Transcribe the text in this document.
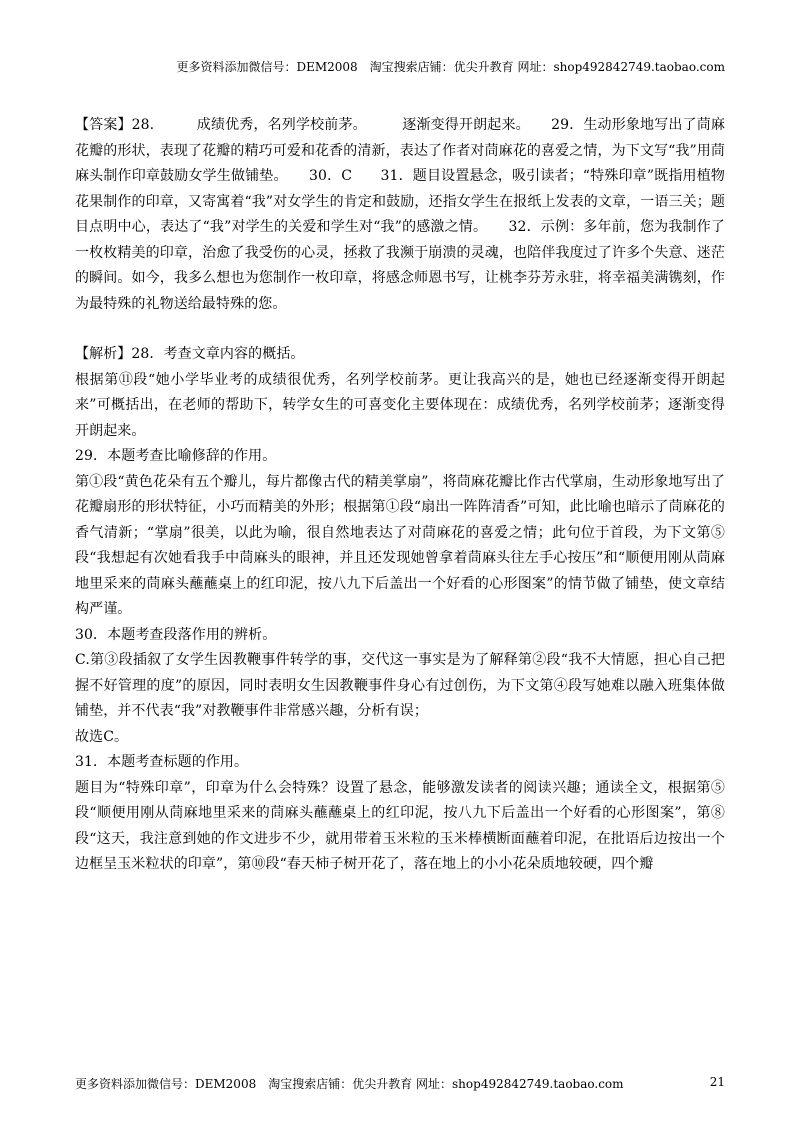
更多资料添加微信号：DEM2008　淘宝搜索店铺：优尖升教育 网址：shop492842749.taobao.com

【答案】28.　　　成绩优秀，名列学校前茅。　　　逐渐变得开朗起来。　　29．生动形象地写出了茼麻花瓣的形状，表现了花瓣的精巧可爱和花香的清新，表达了作者对茼麻花的喜爱之情，为下文写“我”用茼麻头制作印章鼓励女学生做铺垫。　　30．C　　31．题目设置悬念，吸引读者；“特殊印章”既指用植物花果制作的印章，又寄寓着“我”对女学生的肯定和鼓励，还指女学生在报纸上发表的文章，一语三关；题目点明中心，表达了“我”对学生的关爱和学生对“我”的感激之情。　　32．示例：多年前，您为我制作了一枚枚精美的印章，治愈了我受伤的心灵，拯救了我濒于崩溃的灵魂，也陪伴我度过了许多个失意、迷茫的瞬间。如今，我多么想也为您制作一枚印章，将感念师恩书写，让桃李芬芳永驻，将幸福美满镌刻，作为最特殊的礼物送给最特殊的您。

【解析】28．考查文章内容的概括。

根据第⑪段“她小学毕业考的成绩很优秀，名列学校前茅。更让我高兴的是，她也已经逐渐变得开朗起来”可概括出，在老师的帮助下，转学女生的可喜变化主要体现在：成绩优秀，名列学校前茅；逐渐变得开朗起来。

29．本题考查比喻修辞的作用。

第①段“黄色花朵有五个瓣儿，每片都像古代的精美掌扇”，将茼麻花瓣比作古代掌扇，生动形象地写出了花瓣扇形的形状特征，小巧而精美的外形；根据第①段“扇出一阵阵清香”可知，此比喻也暗示了茼麻花的香气清新；“掌扇”很美，以此为喻，很自然地表达了对茼麻花的喜爱之情；此句位于首段，为下文第⑤段“我想起有次她看我手中茼麻头的眼神，并且还发现她曾拿着茼麻头往左手心按压”和“顺便用刚从茼麻地里采来的茼麻头蘸蘸桌上的红印泥，按八九下后盖出一个好看的心形图案”的情节做了铺垫，使文章结构严谨。

30．本题考查段落作用的辨析。

C.第③段插叙了女学生因教鞭事件转学的事，交代这一事实是为了解释第②段“我不大情愿，担心自己把握不好管理的度”的原因，同时表明女生因教鞭事件身心有过创伤，为下文第④段写她难以融入班集体做铺垫，并不代表“我”对教鞭事件非常感兴趣，分析有误；

故选C。

31．本题考查标题的作用。

题目为“特殊印章”，印章为什么会特殊？设置了悬念，能够激发读者的阅读兴趣；通读全文，根据第⑤段“顺便用刚从茼麻地里采来的茼麻头蘸蘸桌上的红印泥，按八九下后盖出一个好看的心形图案”，第⑧段“这天，我注意到她的作文进步不少，就用带着玉米粒的玉米棒横断面蘸着印泥，在批语后边按出一个边框呈玉米粒状的印章”，第⑩段“春天柿子树开花了，落在地上的小小花朵质地较硬，四个瓣

更多资料添加微信号：DEM2008　淘宝搜索店铺：优尖升教育 网址：shop492842749.taobao.com	21
